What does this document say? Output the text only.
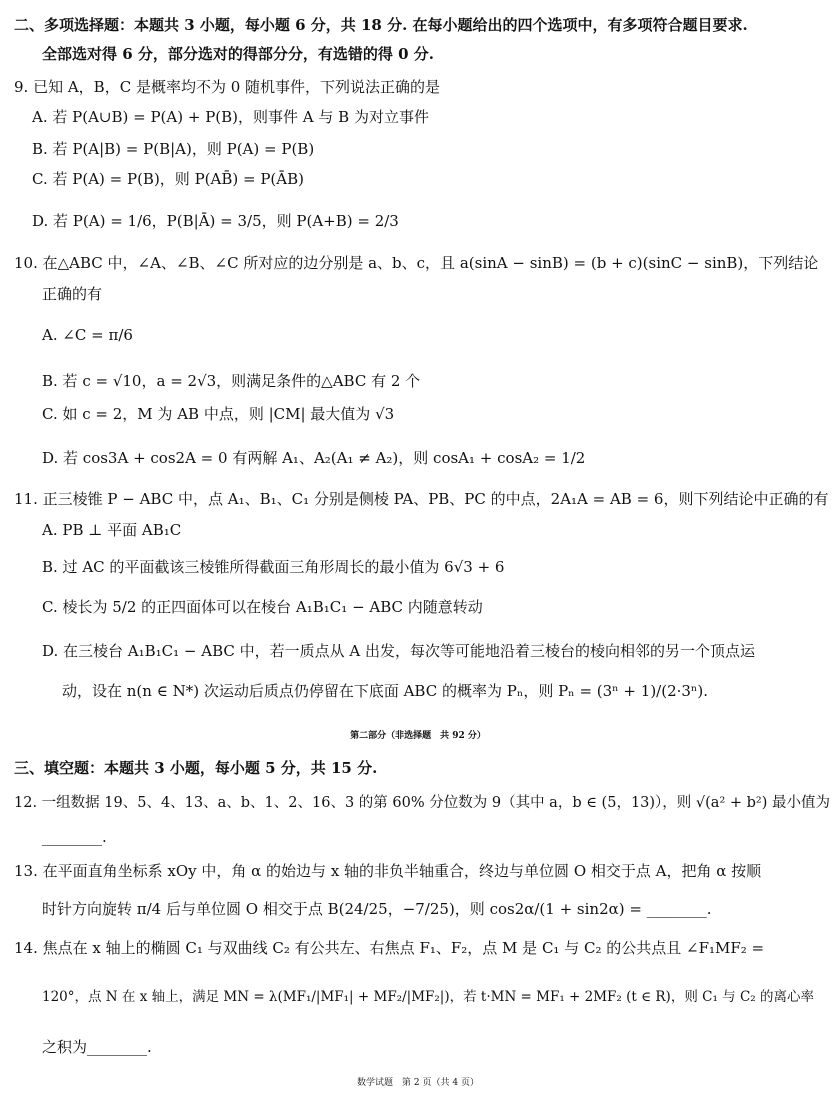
二、多项选择题：本题共 3 小题，每小题 6 分，共 18 分. 在每小题给出的四个选项中，有多项符合题目要求.
全部选对得 6 分，部分选对的得部分分，有选错的得 0 分.
9. 已知 A，B，C 是概率均不为 0 随机事件，下列说法正确的是
A. 若 P(A∪B) = P(A) + P(B)，则事件 A 与 B 为对立事件
B. 若 P(A|B) = P(B|A)，则 P(A) = P(B)
C. 若 P(A) = P(B)，则 P(AB̄) = P(ĀB)
D. 若 P(A) = 1/6，P(B|Ā) = 3/5，则 P(A+B) = 2/3
10. 在△ABC 中，∠A、∠B、∠C 所对应的边分别是 a、b、c，且 a(sinA − sinB) = (b + c)(sinC − sinB)，下列结论
正确的有
A. ∠C = π/6
B. 若 c = √10，a = 2√3，则满足条件的△ABC 有 2 个
C. 如 c = 2，M 为 AB 中点，则 |CM| 最大值为 √3
D. 若 cos3A + cos2A = 0 有两解 A₁、A₂(A₁ ≠ A₂)，则 cosA₁ + cosA₂ = 1/2
11. 正三棱锥 P − ABC 中，点 A₁、B₁、C₁ 分别是侧棱 PA、PB、PC 的中点，2A₁A = AB = 6，则下列结论中正确的有
A. PB ⊥ 平面 AB₁C
B. 过 AC 的平面截该三棱锥所得截面三角形周长的最小值为 6√3 + 6
C. 棱长为 5/2 的正四面体可以在棱台 A₁B₁C₁ − ABC 内随意转动
D. 在三棱台 A₁B₁C₁ − ABC 中，若一质点从 A 出发，每次等可能地沿着三棱台的棱向相邻的另一个顶点运
动，设在 n(n ∈ N*) 次运动后质点仍停留在下底面 ABC 的概率为 Pₙ，则 Pₙ = (3ⁿ + 1)/(2·3ⁿ).
第二部分（非选择题　共 92 分）
三、填空题：本题共 3 小题，每小题 5 分，共 15 分.
12. 一组数据 19、5、4、13、a、b、1、2、16、3 的第 60% 分位数为 9（其中 a，b ∈ (5，13)），则 √(a² + b²) 最小值为
________.
13. 在平面直角坐标系 xOy 中，角 α 的始边与 x 轴的非负半轴重合，终边与单位圆 O 相交于点 A，把角 α 按顺
时针方向旋转 π/4 后与单位圆 O 相交于点 B(24/25，−7/25)，则 cos2α/(1 + sin2α) = ________.
14. 焦点在 x 轴上的椭圆 C₁ 与双曲线 C₂ 有公共左、右焦点 F₁、F₂，点 M 是 C₁ 与 C₂ 的公共点且 ∠F₁MF₂ =
120°，点 N 在 x 轴上，满足 MN = λ(MF₁/|MF₁| + MF₂/|MF₂|)，若 t·MN = MF₁ + 2MF₂ (t ∈ R)，则 C₁ 与 C₂ 的离心率
之积为________.
数学试题　第 2 页（共 4 页）
